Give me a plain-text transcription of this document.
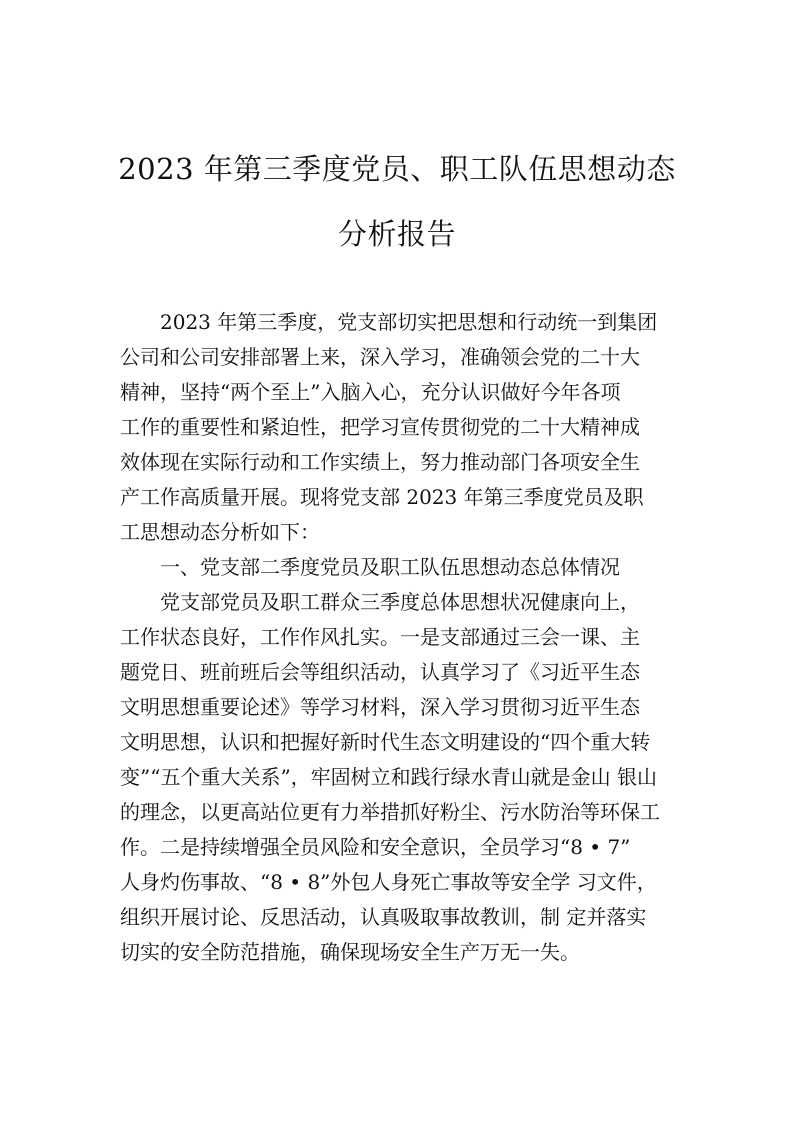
2023 年第三季度党员、职工队伍思想动态
分析报告
2023 年第三季度，党支部切实把思想和行动统一到集团
公司和公司安排部署上来，深入学习，准确领会党的二十大
精神，坚持“两个至上”入脑入心，充分认识做好今年各项
工作的重要性和紧迫性，把学习宣传贯彻党的二十大精神成
效体现在实际行动和工作实绩上，努力推动部门各项安全生
产工作高质量开展。现将党支部 2023 年第三季度党员及职
工思想动态分析如下：
一、党支部二季度党员及职工队伍思想动态总体情况
党支部党员及职工群众三季度总体思想状况健康向上，
工作状态良好，工作作风扎实。一是支部通过三会一课、主
题党日、班前班后会等组织活动，认真学习了《习近平生态
文明思想重要论述》等学习材料，深入学习贯彻习近平生态
文明思想，认识和把握好新时代生态文明建设的“四个重大转
变”“五个重大关系”，牢固树立和践行绿水青山就是金山 银山
的理念，以更高站位更有力举措抓好粉尘、污水防治等环保工
作。二是持续增强全员风险和安全意识，全员学习“8 • 7”
人身灼伤事故、“8 • 8”外包人身死亡事故等安全学 习文件，
组织开展讨论、反思活动，认真吸取事故教训，制 定并落实
切实的安全防范措施，确保现场安全生产万无一失。
